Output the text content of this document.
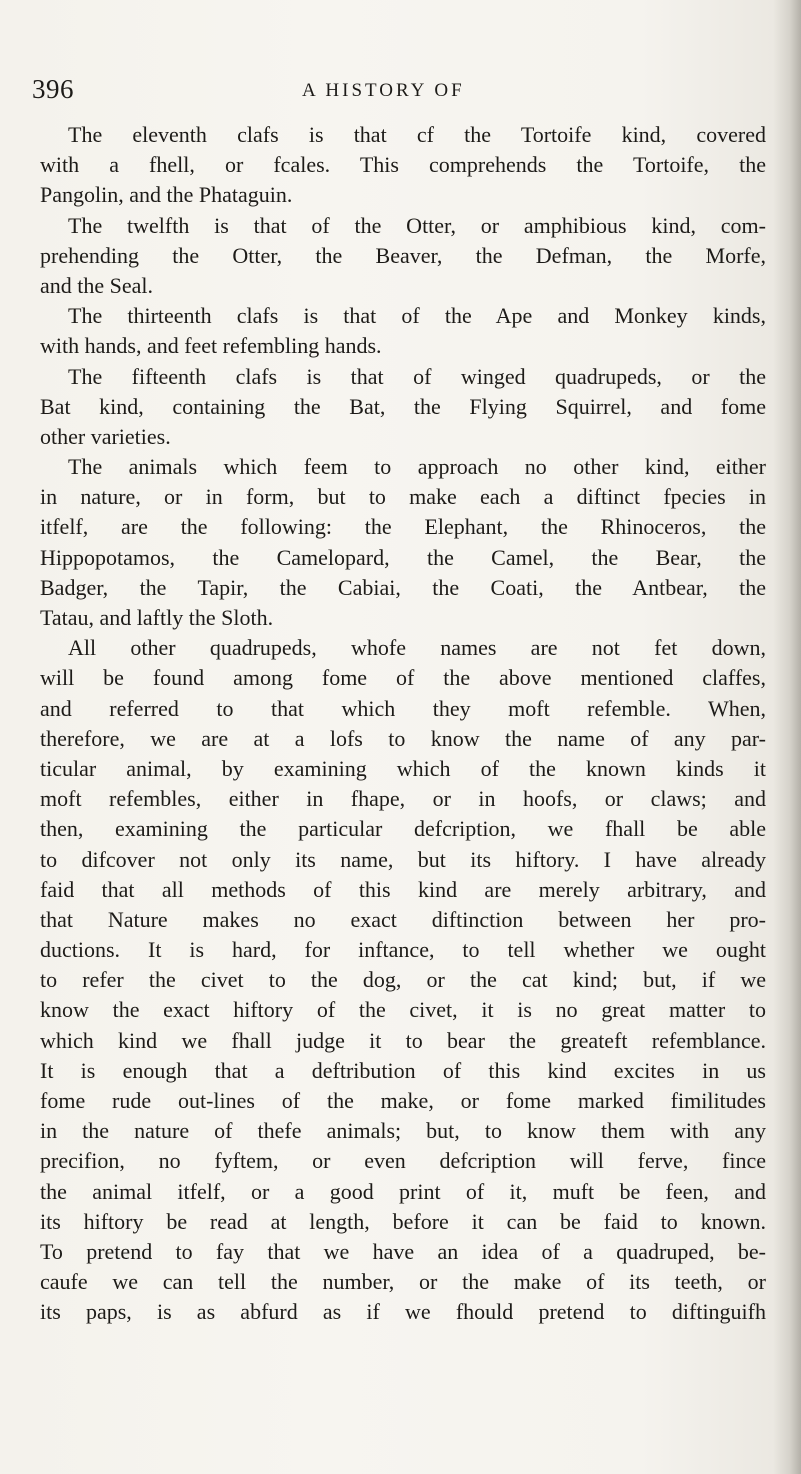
396	A HISTORY OF
The eleventh clafs is that cf the Tortoife kind, covered
with a fhell, or fcales. This comprehends the Tortoife, the
Pangolin, and the Phataguin.
The twelfth is that of the Otter, or amphibious kind, com-
prehending the Otter, the Beaver, the Defman, the Morfe,
and the Seal.
The thirteenth clafs is that of the Ape and Monkey kinds,
with hands, and feet refembling hands.
The fifteenth clafs is that of winged quadrupeds, or the
Bat kind, containing the Bat, the Flying Squirrel, and fome
other varieties.
The animals which feem to approach no other kind, either
in nature, or in form, but to make each a diftinct fpecies in
itfelf, are the following: the Elephant, the Rhinoceros, the
Hippopotamos, the Camelopard, the Camel, the Bear, the
Badger, the Tapir, the Cabiai, the Coati, the Antbear, the
Tatau, and laftly the Sloth.
All other quadrupeds, whofe names are not fet down,
will be found among fome of the above mentioned claffes,
and referred to that which they moft refemble. When,
therefore, we are at a lofs to know the name of any par-
ticular animal, by examining which of the known kinds it
moft refembles, either in fhape, or in hoofs, or claws; and
then, examining the particular defcription, we fhall be able
to difcover not only its name, but its hiftory. I have already
faid that all methods of this kind are merely arbitrary, and
that Nature makes no exact diftinction between her pro-
ductions. It is hard, for inftance, to tell whether we ought
to refer the civet to the dog, or the cat kind; but, if we
know the exact hiftory of the civet, it is no great matter to
which kind we fhall judge it to bear the greateft refemblance.
It is enough that a deftribution of this kind excites in us
fome rude out-lines of the make, or fome marked fimilitudes
in the nature of thefe animals; but, to know them with any
precifion, no fyftem, or even defcription will ferve, fince
the animal itfelf, or a good print of it, muft be feen, and
its hiftory be read at length, before it can be faid to known.
To pretend to fay that we have an idea of a quadruped, be-
caufe we can tell the number, or the make of its teeth, or
its paps, is as abfurd as if we fhould pretend to diftinguifh
